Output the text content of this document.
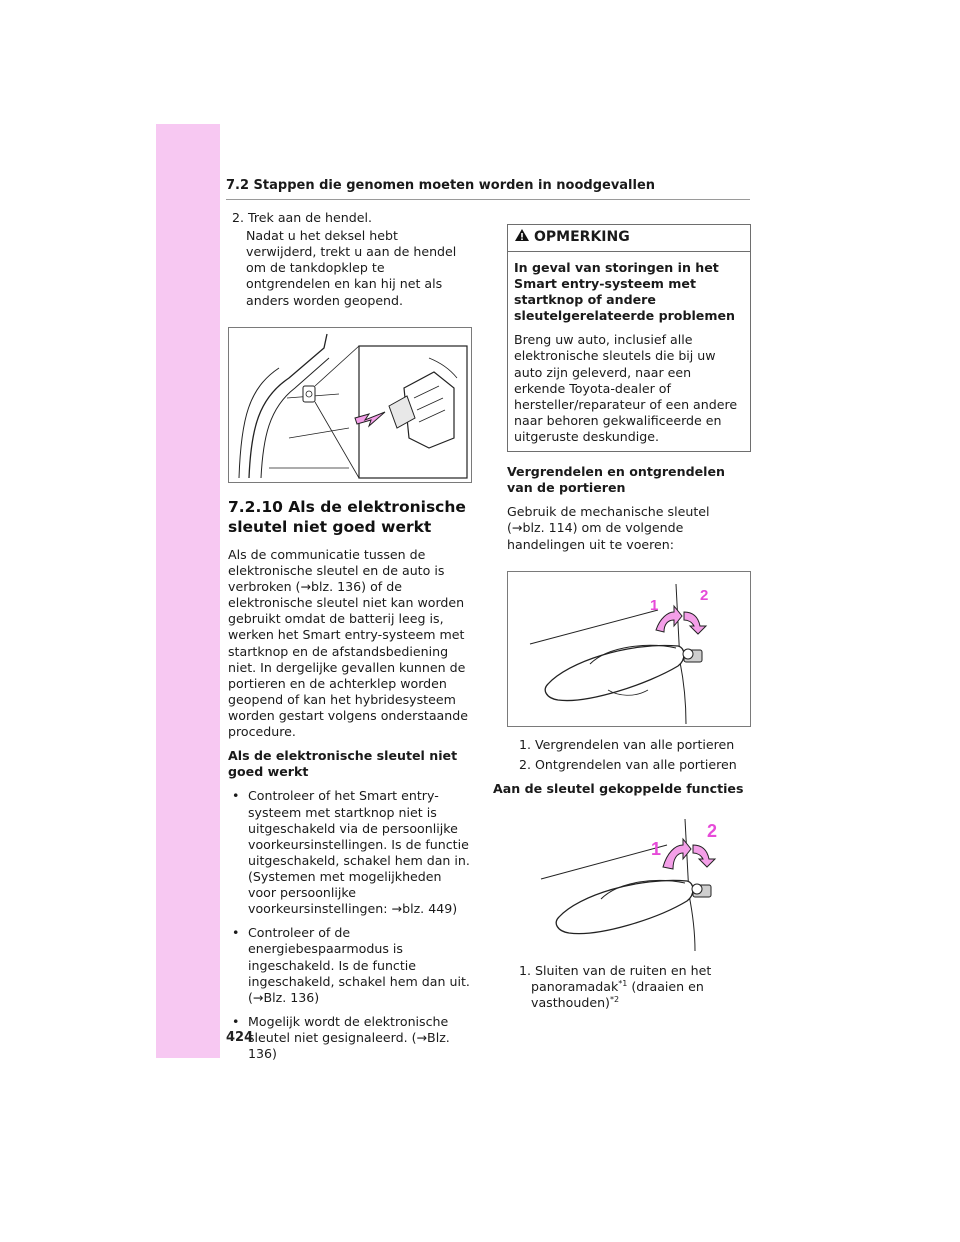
7.2 Stappen die genomen moeten worden in noodgevallen
2. Trek aan de hendel.
Nadat u het deksel hebt verwijderd, trekt u aan de hendel om de tankdopklep te ontgrendelen en kan hij net als anders worden geopend.
7.2.10 Als de elektronische
sleutel niet goed werkt

Als de communicatie tussen de elektronische sleutel en de auto is verbroken (→blz. 136) of de elektronische sleutel niet kan worden gebruikt omdat de batterij leeg is, werken het Smart entry-systeem met startknop en de afstandsbediening niet. In dergelijke gevallen kunnen de portieren en de achterklep worden geopend of kan het hybridesysteem worden gestart volgens onderstaande procedure.

Als de elektronische sleutel niet goed werkt

• Controleer of het Smart entry-systeem met startknop niet is uitgeschakeld via de persoonlijke voorkeursinstellingen. Is de functie uitgeschakeld, schakel hem dan in. (Systemen met mogelijkheden voor persoonlijke voorkeursinstellingen: →blz. 449)
• Controleer of de energiebespaarmodus is ingeschakeld. Is de functie ingeschakeld, schakel hem dan uit. (→Blz. 136)
• Mogelijk wordt de elektronische sleutel niet gesignaleerd. (→Blz. 136)
OPMERKING

In geval van storingen in het Smart entry-systeem met startknop of andere sleutelgerelateerde problemen

Breng uw auto, inclusief alle elektronische sleutels die bij uw auto zijn geleverd, naar een erkende Toyota-dealer of hersteller/reparateur of een andere naar behoren gekwalificeerde en uitgeruste deskundige.

Vergrendelen en ontgrendelen van de portieren

Gebruik de mechanische sleutel (→blz. 114) om de volgende handelingen uit te voeren:

1
2
1. Vergrendelen van alle portieren
2. Ontgrendelen van alle portieren

Aan de sleutel gekoppelde functies

1
2
1. Sluiten van de ruiten en het
panoramadak$^{*1}$ (draaien en vasthouden)$^{*2}$
424
